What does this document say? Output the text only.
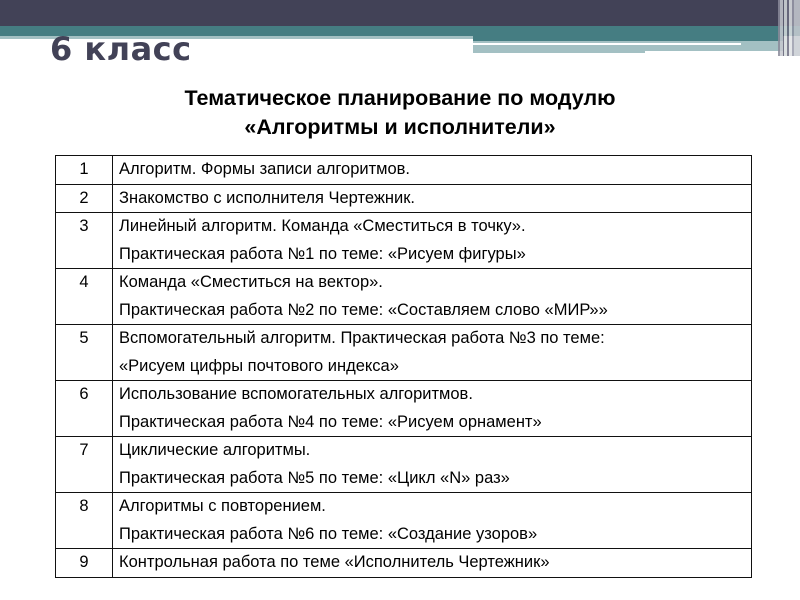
6 класс
Тематическое планирование по модулю
«Алгоритмы и исполнители»
1	Алгоритм. Формы записи алгоритмов.

2	Знакомство с исполнителя Чертежник.

3	Линейный алгоритм. Команда «Сместиться в точку».
Практическая работа №1 по теме: «Рисуем фигуры»

4	Команда «Сместиться на вектор».
Практическая работа №2 по теме: «Составляем слово «МИР»»

5	Вспомогательный алгоритм. Практическая работа №3 по теме:
«Рисуем цифры почтового индекса»

6	Использование вспомогательных алгоритмов.
Практическая работа №4 по теме: «Рисуем орнамент»

7	Циклические алгоритмы.
Практическая работа №5 по теме: «Цикл «N» раз»

8	Алгоритмы с повторением.
Практическая работа №6 по теме: «Создание узоров»

9	Контрольная работа по теме «Исполнитель Чертежник»
